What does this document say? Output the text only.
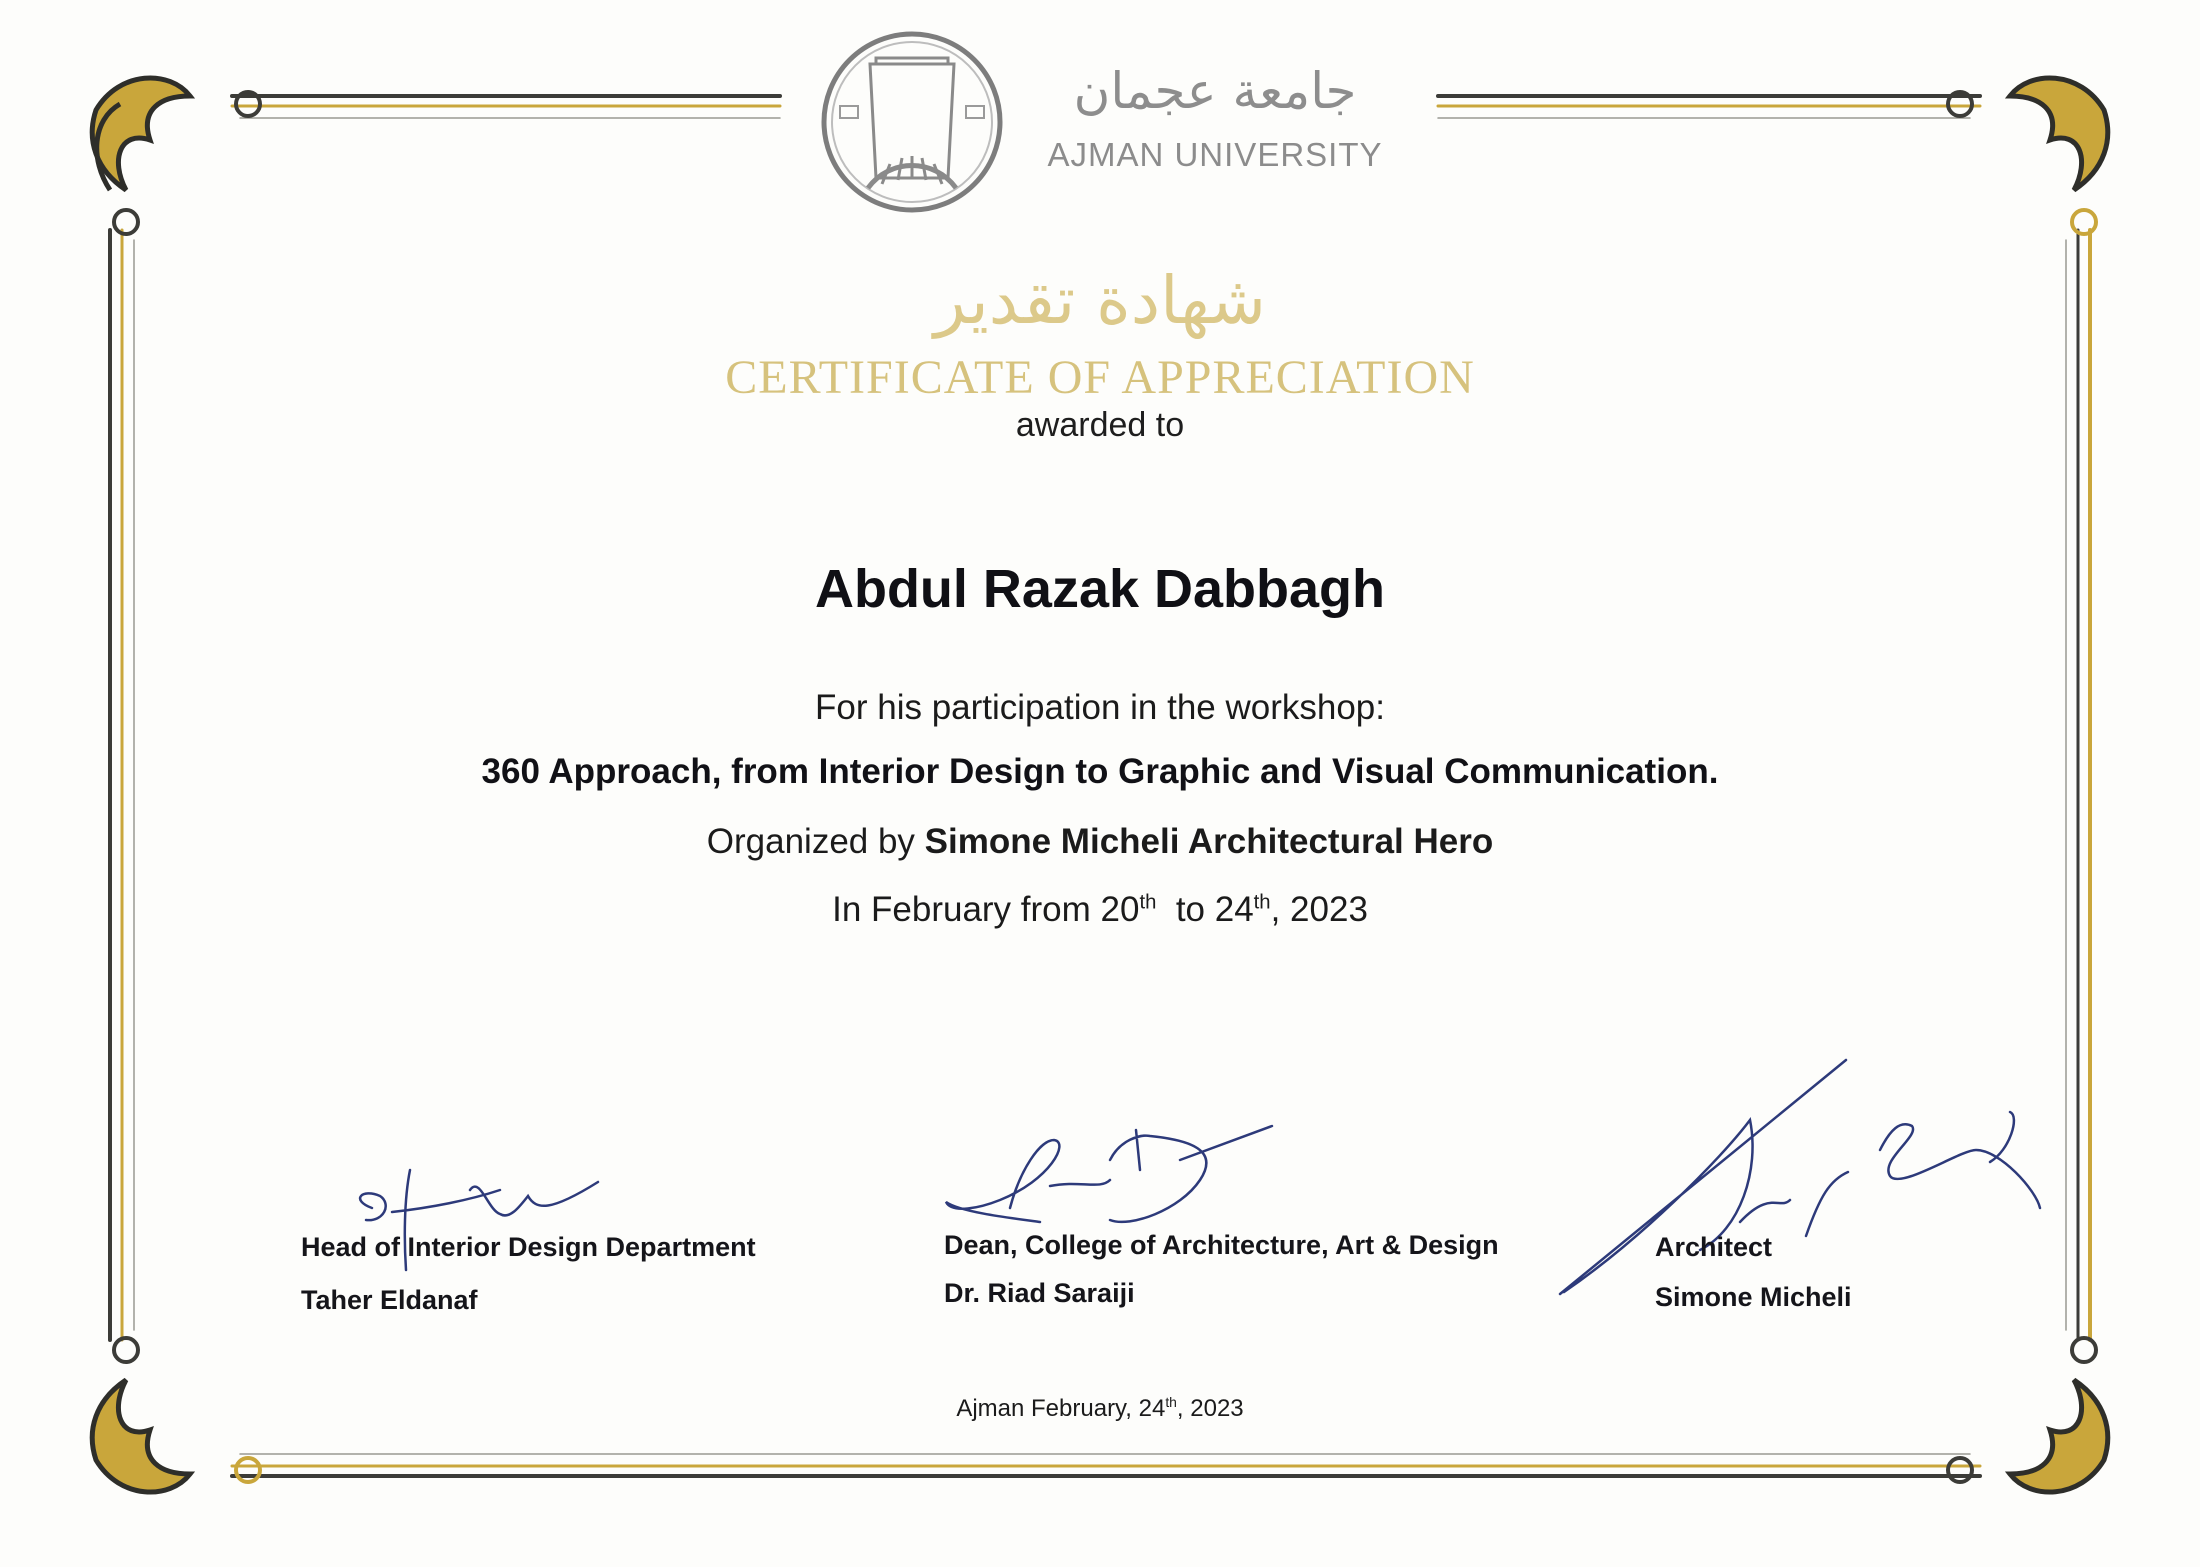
جامعة عجمان
AJMAN UNIVERSITY
شهادة تقدير
CERTIFICATE OF APPRECIATION
awarded to
Abdul Razak Dabbagh
For his participation in the workshop:
360 Approach, from Interior Design to Graphic and Visual Communication.
Organized by Simone Micheli Architectural Hero
In February from 20th to 24th, 2023
Head of Interior Design Department
Taher Eldanaf
Dean, College of Architecture, Art & Design
Dr. Riad Saraiji
Architect
Simone Micheli
Ajman February, 24th, 2023
